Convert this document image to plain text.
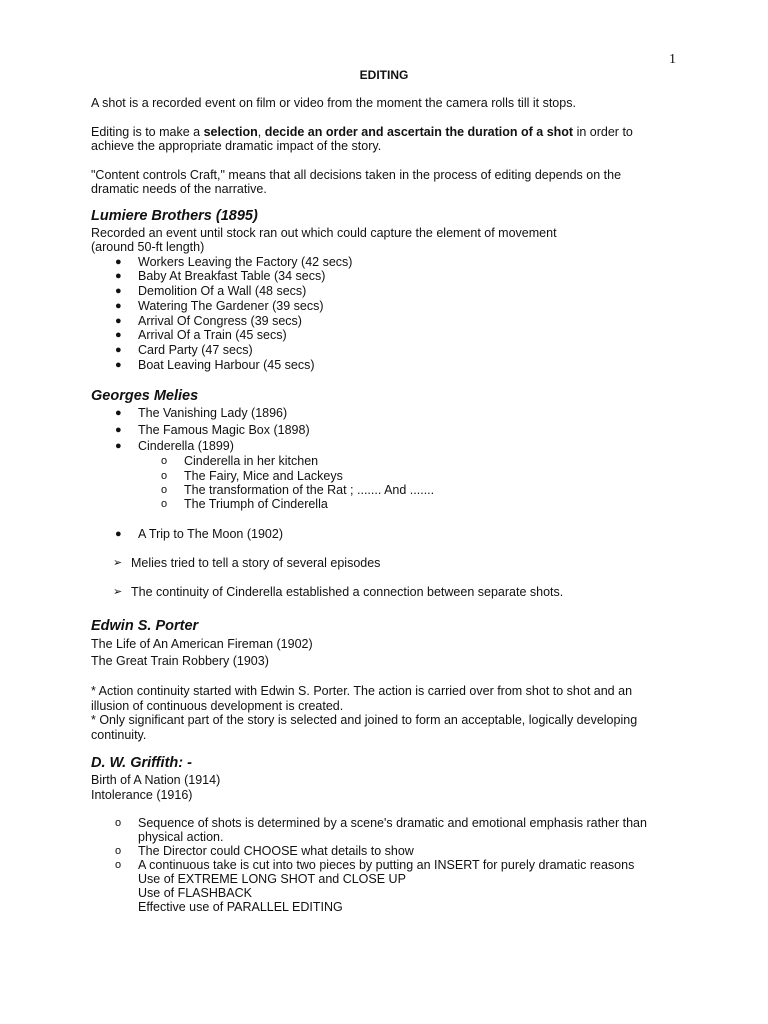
1
EDITING

A shot is a recorded event on film or video from the moment the camera rolls till it stops.

Editing is to make a selection, decide an order and ascertain the duration of a shot in order to achieve the appropriate dramatic impact of the story.

"Content controls Craft," means that all decisions taken in the process of editing depends on the dramatic needs of the narrative.

Lumiere Brothers (1895)

Recorded an event until stock ran out which could capture the element of movement

(around 50-ft length)

● Workers Leaving the Factory (42 secs)
● Baby At Breakfast Table (34 secs)
● Demolition Of a Wall (48 secs)
● Watering The Gardener (39 secs)
● Arrival Of Congress (39 secs)
● Arrival Of a Train (45 secs)
● Card Party (47 secs)
● Boat Leaving Harbour (45 secs)
Georges Melies
● The Vanishing Lady (1896)
● The Famous Magic Box (1898)
● Cinderella (1899)
o Cinderella in her kitchen
o The Fairy, Mice and Lackeys
o The transformation of the Rat ; ....... And .......
o The Triumph of Cinderella
● A Trip to The Moon (1902)
➢ Melies tried to tell a story of several episodes
➢ The continuity of Cinderella established a connection between separate shots.
Edwin S. Porter

The Life of An American Fireman (1902)

The Great Train Robbery (1903)

* Action continuity started with Edwin S. Porter. The action is carried over from shot to shot and an illusion of continuous development is created.

* Only significant part of the story is selected and joined to form an acceptable, logically developing continuity.

D. W. Griffith: -

Birth of A Nation (1914)

Intolerance (1916)

o Sequence of shots is determined by a scene's dramatic and emotional emphasis rather than physical action.
o The Director could CHOOSE what details to show
o A continuous take is cut into two pieces by putting an INSERT for purely dramatic reasons
Use of EXTREME LONG SHOT and CLOSE UP
Use of FLASHBACK
Effective use of PARALLEL EDITING
